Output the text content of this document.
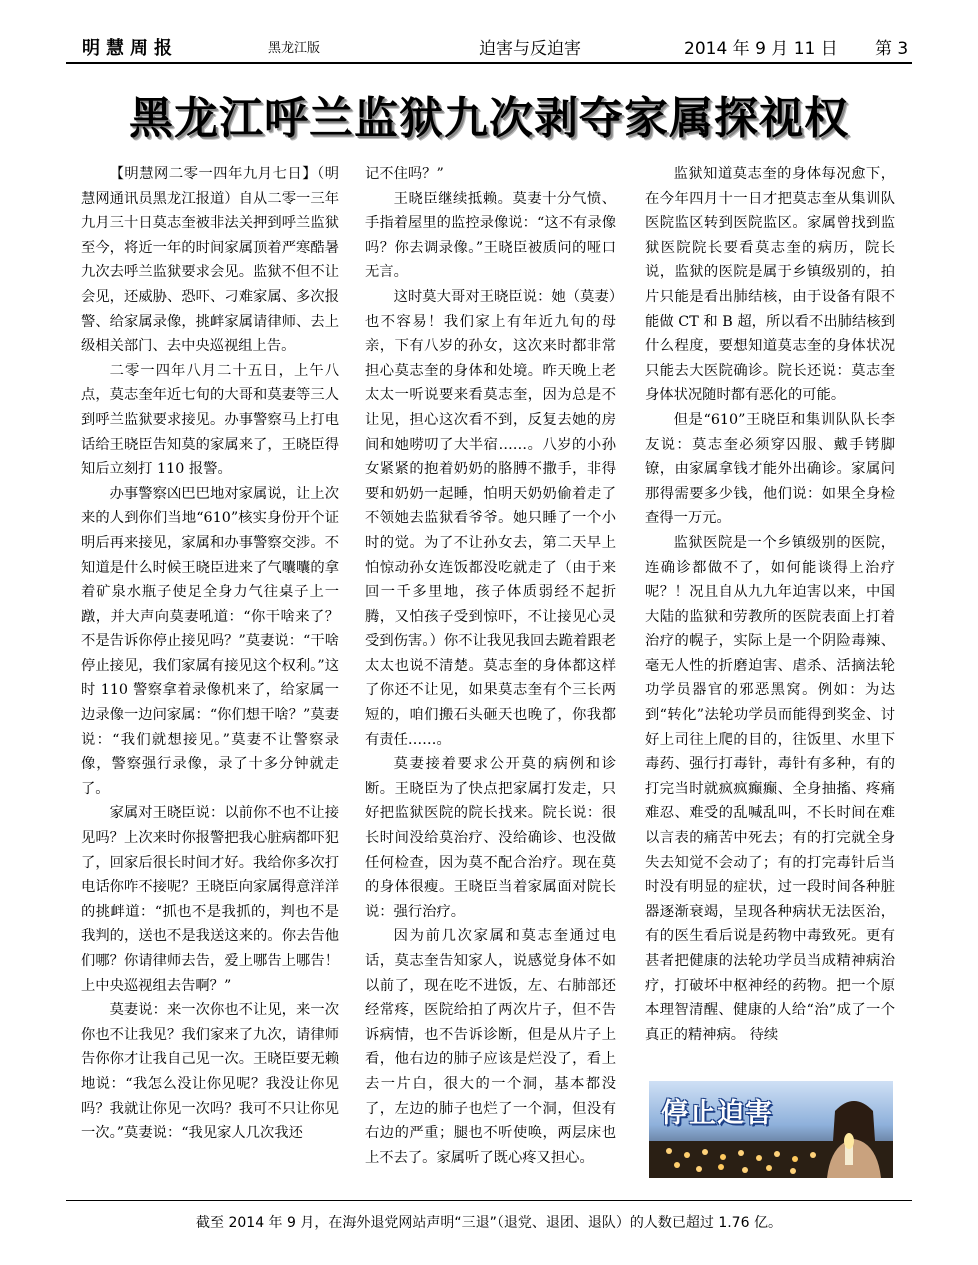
明慧周报	黑龙江版	迫害与反迫害	2014 年 9 月 11 日 第 3
黑龙江呼兰监狱九次剥夺家属探视权

【明慧网二零一四年九月七日】（明慧网通讯员黑龙江报道）自从二零一三年九月三十日莫志奎被非法关押到呼兰监狱至今，将近一年的时间家属顶着严寒酷暑九次去呼兰监狱要求会见。监狱不但不让会见，还威胁、恐吓、刁难家属、多次报警、给家属录像，挑衅家属请律师、去上级相关部门、去中央巡视组上告。

二零一四年八月二十五日，上午八点，莫志奎年近七旬的大哥和莫妻等三人到呼兰监狱要求接见。办事警察马上打电话给王晓臣告知莫的家属来了，王晓臣得知后立刻打 110 报警。

办事警察凶巴巴地对家属说，让上次来的人到你们当地“610”核实身份开个证明后再来接见，家属和办事警察交涉。不知道是什么时候王晓臣进来了气囔囔的拿着矿泉水瓶子使足全身力气往桌子上一蹾，并大声向莫妻吼道：“你干啥来了？不是告诉你停止接见吗？”莫妻说：“干啥停止接见，我们家属有接见这个权利。”这时 110 警察拿着录像机来了，给家属一边录像一边问家属：“你们想干啥？”莫妻说：“我们就想接见。”莫妻不让警察录像，警察强行录像，录了十多分钟就走了。

家属对王晓臣说：以前你不也不让接见吗？上次来时你报警把我心脏病都吓犯了，回家后很长时间才好。我给你多次打电话你咋不接呢？王晓臣向家属得意洋洋的挑衅道：“抓也不是我抓的，判也不是我判的，送也不是我送这来的。你去告他们哪？你请律师去告，爱上哪告上哪告！上中央巡视组去告啊？”

莫妻说：来一次你也不让见，来一次你也不让我见？我们家来了九次，请律师告你你才让我自己见一次。王晓臣要无赖地说：“我怎么没让你见呢？我没让你见吗？我就让你见一次吗？我可不只让你见一次。”莫妻说：“我见家人几次我还

记不住吗？”

王晓臣继续抵赖。莫妻十分气愤、手指着屋里的监控录像说：“这不有录像吗？你去调录像。”王晓臣被质问的哑口无言。

这时莫大哥对王晓臣说：她（莫妻）也不容易！我们家上有年近九旬的母亲，下有八岁的孙女，这次来时都非常担心莫志奎的身体和处境。昨天晚上老太太一听说要来看莫志奎，因为总是不让见，担心这次看不到，反复去她的房间和她唠叨了大半宿……。八岁的小孙女紧紧的抱着奶奶的胳膊不撒手，非得要和奶奶一起睡，怕明天奶奶偷着走了不领她去监狱看爷爷。她只睡了一个小时的觉。为了不让孙女去，第二天早上怕惊动孙女连饭都没吃就走了（由于来回一千多里地，孩子体质弱经不起折腾，又怕孩子受到惊吓，不让接见心灵受到伤害。）你不让我见我回去跪着跟老太太也说不清楚。莫志奎的身体都这样了你还不让见，如果莫志奎有个三长两短的，咱们搬石头砸天也晚了，你我都有责任……。

莫妻接着要求公开莫的病例和诊断。王晓臣为了快点把家属打发走，只好把监狱医院的院长找来。院长说：很长时间没给莫治疗、没给确诊、也没做任何检查，因为莫不配合治疗。现在莫的身体很瘦。王晓臣当着家属面对院长说：强行治疗。

因为前几次家属和莫志奎通过电话，莫志奎告知家人，说感觉身体不如以前了，现在吃不进饭，左、右肺部还经常疼，医院给拍了两次片子，但不告诉病情，也不告诉诊断，但是从片子上看，他右边的肺子应该是烂没了，看上去一片白，很大的一个洞，基本都没了，左边的肺子也烂了一个洞，但没有右边的严重；腿也不听使唤，两层床也上不去了。家属听了既心疼又担心。

监狱知道莫志奎的身体每况愈下，在今年四月十一日才把莫志奎从集训队医院监区转到医院监区。家属曾找到监狱医院院长要看莫志奎的病历，院长说，监狱的医院是属于乡镇级别的，拍片只能是看出肺结核，由于设备有限不能做 CT 和 B 超，所以看不出肺结核到什么程度，要想知道莫志奎的身体状况只能去大医院确诊。院长还说：莫志奎身体状况随时都有恶化的可能。

但是“610”王晓臣和集训队队长李友说：莫志奎必须穿囚服、戴手铐脚镣，由家属拿钱才能外出确诊。家属问那得需要多少钱，他们说：如果全身检查得一万元。

监狱医院是一个乡镇级别的医院，连确诊都做不了，如何能谈得上治疗呢？！况且自从九九年迫害以来，中国大陆的监狱和劳教所的医院表面上打着治疗的幌子，实际上是一个阴险毒辣、毫无人性的折磨迫害、虐杀、活摘法轮功学员器官的邪恶黑窝。例如：为达到“转化”法轮功学员而能得到奖金、讨好上司往上爬的目的，往饭里、水里下毒药、强行打毒针，毒针有多种，有的打完当时就疯疯癫癫、全身抽搐、疼痛难忍、难受的乱喊乱叫，不长时间在难以言表的痛苦中死去；有的打完就全身失去知觉不会动了；有的打完毒针后当时没有明显的症状，过一段时间各种脏器逐渐衰竭，呈现各种病状无法医治，有的医生看后说是药物中毒致死。更有甚者把健康的法轮功学员当成精神病治疗，打破坏中枢神经的药物。把一个原本理智清醒、健康的人给“治”成了一个真正的精神病。 待续

停止迫害
截至 2014 年 9 月，在海外退党网站声明“三退”（退党、退团、退队）的人数已超过 1.76 亿。
